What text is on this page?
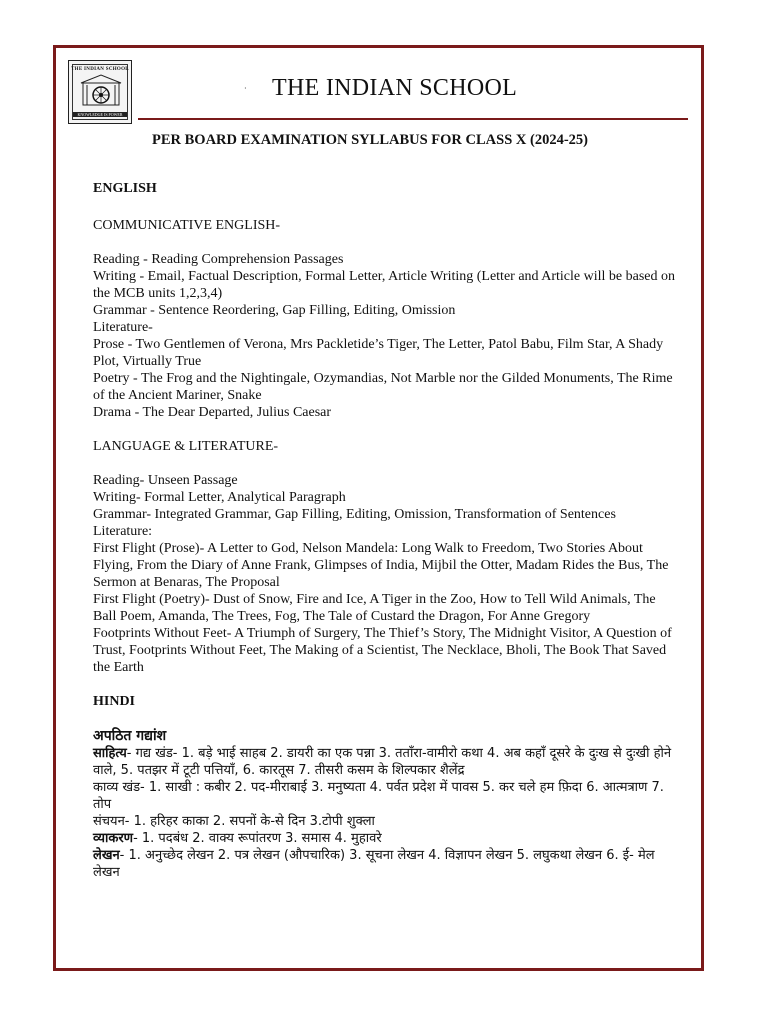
THE INDIAN SCHOOL
KNOWLEDGE IS POWER
· THE INDIAN SCHOOL
PER BOARD EXAMINATION SYLLABUS FOR CLASS X (2024-25)

ENGLISH

COMMUNICATIVE ENGLISH-

Reading - Reading Comprehension Passages

Writing - Email, Factual Description, Formal Letter, Article Writing (Letter and Article will be based on the MCB units 1,2,3,4)

Grammar - Sentence Reordering, Gap Filling, Editing, Omission

Literature-

Prose - Two Gentlemen of Verona, Mrs Packletide’s Tiger, The Letter, Patol Babu, Film Star, A Shady Plot, Virtually True

Poetry - The Frog and the Nightingale, Ozymandias, Not Marble nor the Gilded Monuments, The Rime of the Ancient Mariner, Snake

Drama - The Dear Departed, Julius Caesar

LANGUAGE & LITERATURE-

Reading- Unseen Passage

Writing- Formal Letter, Analytical Paragraph

Grammar- Integrated Grammar, Gap Filling, Editing, Omission, Transformation of Sentences

Literature:

First Flight (Prose)- A Letter to God, Nelson Mandela: Long Walk to Freedom, Two Stories About Flying, From the Diary of Anne Frank, Glimpses of India, Mijbil the Otter, Madam Rides the Bus, The Sermon at Benaras, The Proposal

First Flight (Poetry)- Dust of Snow, Fire and Ice, A Tiger in the Zoo, How to Tell Wild Animals, The Ball Poem, Amanda, The Trees, Fog, The Tale of Custard the Dragon, For Anne Gregory

Footprints Without Feet- A Triumph of Surgery, The Thief’s Story, The Midnight Visitor, A Question of Trust, Footprints Without Feet, The Making of a Scientist, The Necklace, Bholi, The Book That Saved the Earth

HINDI

अपठित गद्यांश

साहित्य- गद्य खंड- 1. बड़े भाई साहब 2. डायरी का एक पन्ना 3. तताँरा-वामीरो कथा 4. अब कहाँ दूसरे के दुःख से दुःखी होने वाले, 5. पतझर में टूटी पत्तियाँ, 6. कारतूस 7. तीसरी कसम के शिल्पकार शैलेंद्र

काव्य खंड- 1. साखी : कबीर 2. पद-मीराबाई 3. मनुष्यता 4. पर्वत प्रदेश में पावस 5. कर चले हम फ़िदा 6. आत्मत्राण 7. तोप

संचयन- 1. हरिहर काका 2. सपनों के-से दिन 3.टोपी शुक्ला

व्याकरण- 1. पदबंध 2. वाक्य रूपांतरण 3. समास 4. मुहावरे

लेखन- 1. अनुच्छेद लेखन 2. पत्र लेखन (औपचारिक) 3. सूचना लेखन 4. विज्ञापन लेखन 5. लघुकथा लेखन 6. ई- मेल लेखन
